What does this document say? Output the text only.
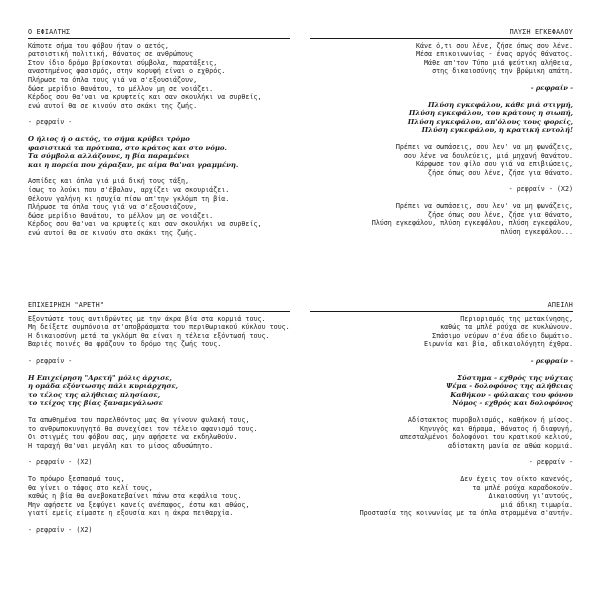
Ο ΕΦΙΑΛΤΗΣ
Κάποτε σήμα του φόβου ήταν ο αετός,
ρατσιστική πολιτική, θάνατος σε ανθρώπους
Στον ίδιο δρόμο βρίσκονται σύμβολα, παρατάξεις,
αναστημένος φασισμός, στην κορυφή είναι ο εχθρός.
Πλήρωσε τα όπλα τους γιά να σ'εξουσιάζουν,
δώσε μερίδιο θανάτου, το μέλλον μη σε νοιάζει.
Κέρδος σου θα'ναι να κρυφτείς και σαν σκουλήκι να συρθείς,
ενώ αυτοί θα σε κινούν στο σκάκι της ζωής.
- ρεφραίν -
Ο ήλιος ή ο αετός, το σήμα κρύβει τρόμο
φασιστικά τα πρότυπα, στο κράτος και στο νόμο.
Τα σύμβολα αλλάζουνε, η βία παραμένει
και η πορεία που χάραξαν, με αίμα θα'ναι γραμμένη.
Ασπίδες και όπλα γιά μιά δική τους τάξη,
ίσως το λούκι που σ'έβαλαν, αρχίζει να σκουριάζει.
Θέλουν γαλήνη κι ησυχία πίσω απ'την γκλόμπ τη βία.
Πλήρωσε τα όπλα τους γιά να σ'εξουσιάζουν,
δώσε μερίδιο θανάτου, το μέλλον μη σε νοιάζει.
Κέρδος σου θα'ναι να κρυφτείς και σαν σκουλήκι να συρθείς,
ενώ αυτοί θα σε κινούν στο σκάκι της ζωής.
ΠΛΥΣΗ ΕΓΚΕΦΑΛΟΥ
Κάνε ό,τι σου λένε, ζήσε όπως σου λένε.
Μέσα επικοινωνίας - ένας αργός θάνατος.
Μάθε απ'τον Τύπο μιά ψεύτικη αλήθεια,
στης δικαιοσύνης την βρώμικη απάτη.
- ρεφραίν -
Πλύση εγκεφάλου, κάθε μιά στιγμή,
Πλύση εγκεφάλου, του κράτους η σιωπή,
Πλύση εγκεφάλου, απ'όλους τους φορείς,
Πλύση εγκεφάλου, η κρατική εντολή!
Πρέπει να σωπάσεις, σου λεν' να μη φωνάζεις,
σου λένε να δουλεύεις, μιά μηχανή θανάτου.
Κάρφωσε τον φίλο σου γιά να επιβιώσεις,
ζήσε όπως σου λένε, ζήσε για θάνατο.
- ρεφραίν - (Χ2)
Πρέπει να σωπάσεις, σου λεν' να μη φωνάζεις,
ζήσε όπως σου λένε, ζήσε για θάνατο,
Πλύση εγκεφάλου, πλύση εγκεφάλου, πλύση εγκεφάλου,
πλύση εγκεφάλου...
ΕΠΙΧΕΙΡΗΣΗ "ΑΡΕΤΗ"
Εξοντώστε τους αντιδρώντες με την άκρα βία στα κορμιά τους.
Μη δείξετε συμπόνοια στ'αποβράσματα του περιθωριακού κύκλου τους.
Η δικαιοσύνη μετά τα γκλόμπ θα είναι η τέλεια εξόντωσή τους.
Βαριές ποινές θα φράζουν το δρόμο της ζωής τους.
- ρεφραίν -
Η Επιχείρηση "Αρετή" μόλις άρχισε,
η ομάδα εξόντωσης πάλι κυριάρχησε,
το τέλος της αλήθειας πλησίασε,
το τείχος της βίας ξαναμεγάλωσε
Τα απωθημένα του παρελθόντος μας θα γίνουν φυλακή τους,
το ανθρωποκυνηγητό θα συνεχίσει τον τέλειο αφανισμό τους.
Οι στιγμές του φόβου σας, μην αφήσετε να εκδηλωθούν.
Η ταραχή θα'ναι μεγάλη και το μίσος αδυσώπητο.
- ρεφραίν - (Χ2)
Το πρόωρο ξεσπασμά τους,
θα γίνει ο τάφος στο κελί τους,
καθώς η βία θα ανεβοκατεβαίνει πάνω στα κεφάλια τους.
Μην αφήσετε να ξεφύγει κανείς ανέπαφος, έστω και αθώος,
γιατί εμείς είμαστε η εξουσία και η άκρα πειθαρχία.
- ρεφραίν - (Χ2)
ΑΠΕΙΛΗ
Περιορισμός της μετακίνησης,
καθώς τα μπλέ ρούχα σε κυκλώνουν.
Σπάσιμο νεύρων σ'ένα άδειο δωμάτιο.
Ειρωνία και βία, αδικαιολόγητη έχθρα.
- ρεφραίν -
Σύστημα - εχθρός της νύχτας
Ψέμα - δολοφόνος της αλήθειας
Καθήκον - φύλακας του φόνου
Νόμος - εχθρός και δολοφόνος
Αδίστακτος πυροβολισμός, καθήκον ή μίσος.
Κηνυγός και θήραμα, θάνατος ή διαφυγή,
απεσταλμένοι δολοφόνοι του κρατικού κελιού,
αδίστακτη μανία σε αθώα κορμιά.
- ρεφραίν -
Δεν έχεις τον οίκτο κανενός,
τα μπλέ ρούχα καραδοκούν.
Δικαιοσύνη γι'αυτούς,
μιά άδικη τιμωρία.
Προστασία της κοινωνίας με τα όπλα στραμμένα σ'αυτήν.
